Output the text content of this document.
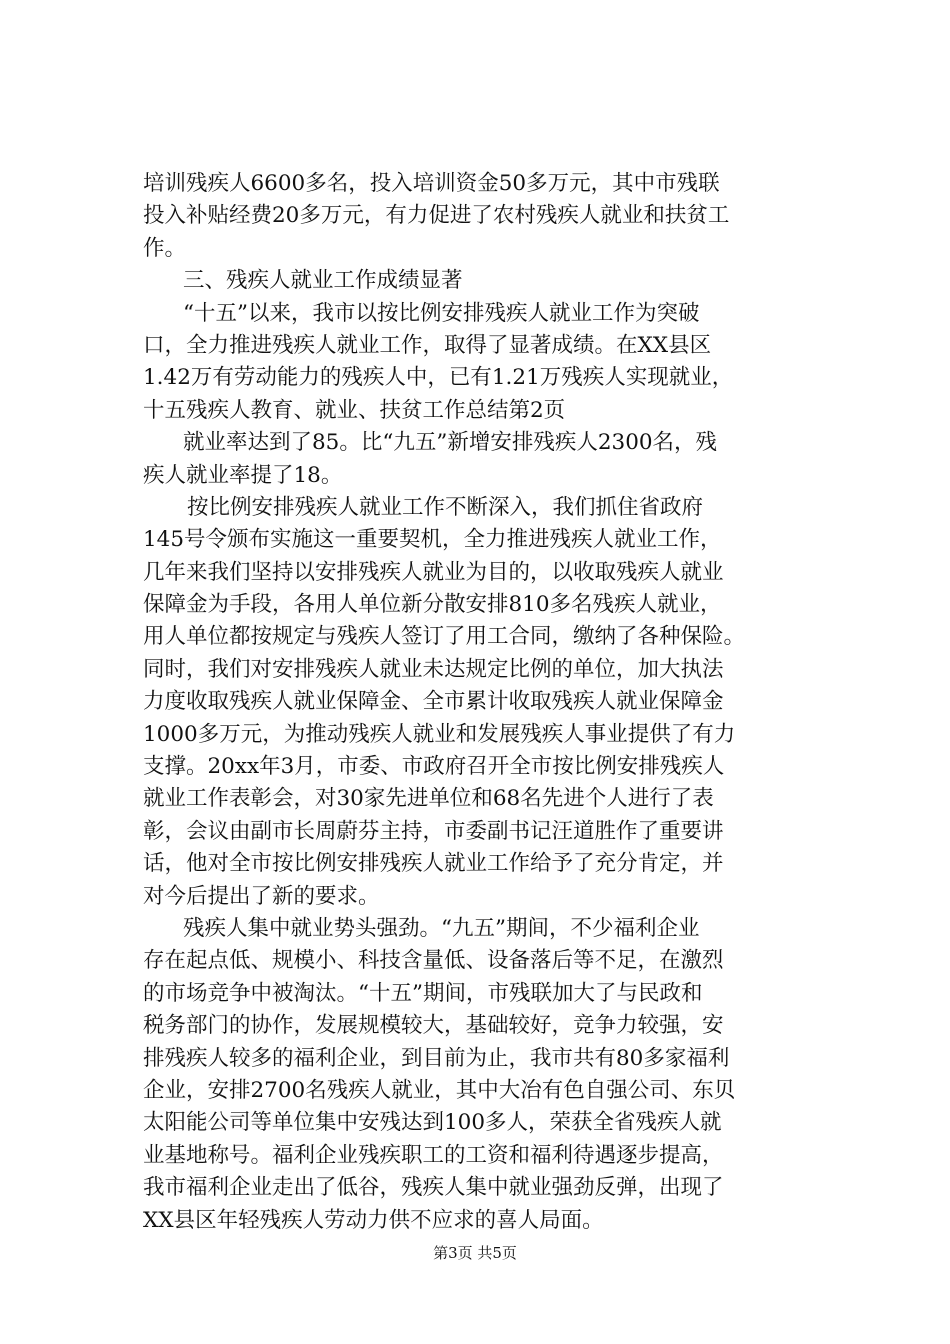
培训残疾人6600多名，投入培训资金50多万元，其中市残联
投入补贴经费20多万元，有力促进了农村残疾人就业和扶贫工
作。
三、残疾人就业工作成绩显著
“十五”以来，我市以按比例安排残疾人就业工作为突破
口，全力推进残疾人就业工作，取得了显著成绩。在XX县区
1.42万有劳动能力的残疾人中，已有1.21万残疾人实现就业，
十五残疾人教育、就业、扶贫工作总结第2页
就业率达到了85。比“九五”新增安排残疾人2300名，残
疾人就业率提了18。
按比例安排残疾人就业工作不断深入，我们抓住省政府
145号令颁布实施这一重要契机，全力推进残疾人就业工作，
几年来我们坚持以安排残疾人就业为目的，以收取残疾人就业
保障金为手段，各用人单位新分散安排810多名残疾人就业，
用人单位都按规定与残疾人签订了用工合同，缴纳了各种保险。
同时，我们对安排残疾人就业未达规定比例的单位，加大执法
力度收取残疾人就业保障金、全市累计收取残疾人就业保障金
1000多万元，为推动残疾人就业和发展残疾人事业提供了有力
支撑。20xx年3月，市委、市政府召开全市按比例安排残疾人
就业工作表彰会，对30家先进单位和68名先进个人进行了表
彰，会议由副市长周蔚芬主持，市委副书记汪道胜作了重要讲
话，他对全市按比例安排残疾人就业工作给予了充分肯定，并
对今后提出了新的要求。
残疾人集中就业势头强劲。“九五”期间，不少福利企业
存在起点低、规模小、科技含量低、设备落后等不足，在激烈
的市场竞争中被淘汰。“十五”期间，市残联加大了与民政和
税务部门的协作，发展规模较大，基础较好，竞争力较强，安
排残疾人较多的福利企业，到目前为止，我市共有80多家福利
企业，安排2700名残疾人就业，其中大冶有色自强公司、东贝
太阳能公司等单位集中安残达到100多人，荣获全省残疾人就
业基地称号。福利企业残疾职工的工资和福利待遇逐步提高，
我市福利企业走出了低谷，残疾人集中就业强劲反弹，出现了
XX县区年轻残疾人劳动力供不应求的喜人局面。
第3页 共5页
